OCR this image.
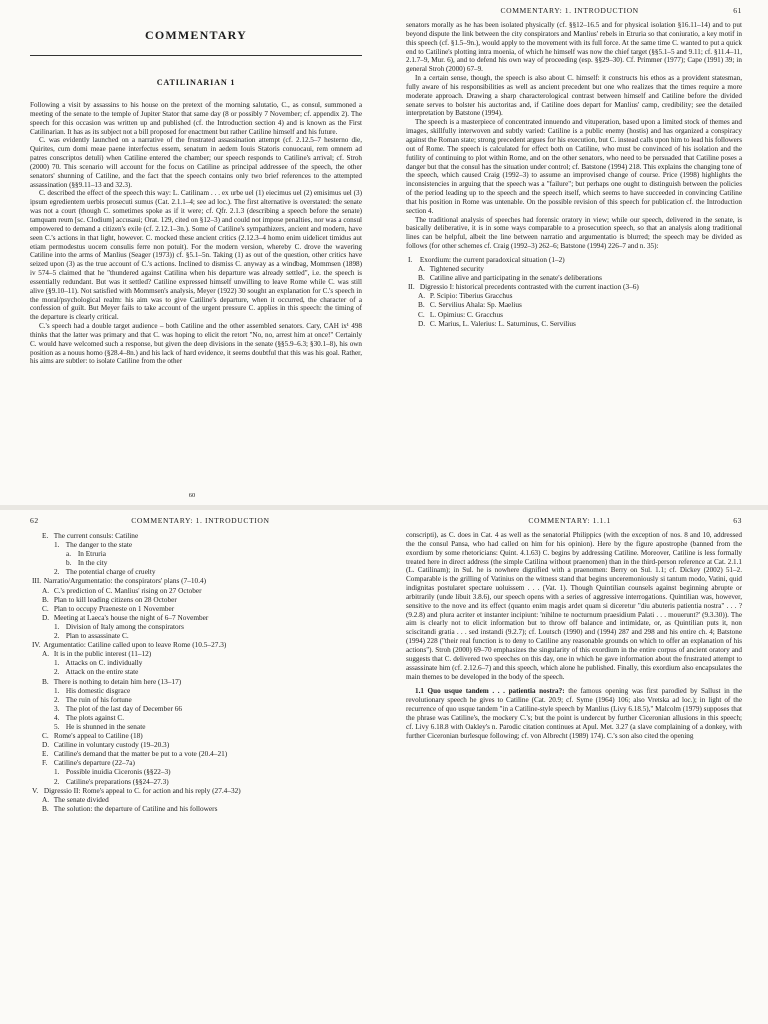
COMMENTARY
CATILINARIAN 1

Following a visit by assassins to his house on the pretext of the morning salutatio, C., as consul, summoned a meeting of the senate to the temple of Jupiter Stator that same day (8 or possibly 7 November; cf. appendix 2). The speech for this occasion was written up and published (cf. the Introduction section 4) and is known as the First Catilinarian. It has as its subject not a bill proposed for enactment but rather Catiline himself and his future.

C. was evidently launched on a narrative of the frustrated assassination attempt (cf. 2.12.5–7 hesterno die, Quirites, cum domi meae paene interfectus essem, senatum in aedem Iouis Statoris conuocaui, rem omnem ad patres conscriptos detuli) when Catiline entered the chamber; our speech responds to Catiline's arrival; cf. Stroh (2000) 70. This scenario will account for the focus on Catiline as principal addressee of the speech, the other senators' shunning of Catiline, and the fact that the speech contains only two brief references to the attempted assassination (§§9.11–13 and 32.3).

C. described the effect of the speech this way: L. Catilinam . . . ex urbe uel (1) eiecimus uel (2) emisimus uel (3) ipsum egredientem uerbis prosecuti sumus (Cat. 2.1.1–4; see ad loc.). The first alternative is overstated: the senate was not a court (though C. sometimes spoke as if it were; cf. Qfr. 2.1.3 (describing a speech before the senate) tamquam reum [sc. Clodium] accusaui; Orat. 129, cited on §12–3) and could not impose penalties, nor was a consul empowered to demand a citizen's exile (cf. 2.12.1–3n.). Some of Catiline's sympathizers, ancient and modern, have seen C.'s actions in that light, however. C. mocked these ancient critics (2.12.3–4 homo enim uidelicet timidus aut etiam permodestus uocem consulis ferre non potuit). For the modern version, whereby C. drove the wavering Catiline into the arms of Manlius (Seager (1973)) cf. §5.1–5n. Taking (1) as out of the question, other critics have seized upon (3) as the true account of C.'s actions. Inclined to dismiss C. anyway as a windbag, Mommsen (1898) iv 574–5 claimed that he "thundered against Catilina when his departure was already settled", i.e. the speech is essentially redundant. But was it settled? Catiline expressed himself unwilling to leave Rome while C. was still alive (§9.10–11). Not satisfied with Mommsen's analysis, Meyer (1922) 30 sought an explanation for C.'s speech in the moral/psychological realm: his aim was to give Catiline's departure, when it occurred, the character of a confession of guilt. But Meyer fails to take account of the urgent pressure C. applies in this speech: the timing of the departure is clearly critical.

C.'s speech had a double target audience – both Catiline and the other assembled senators. Cary, CAH ix¹ 498 thinks that the latter was primary and that C. was hoping to elicit the retort "No, no, arrest him at once!" Certainly C. would have welcomed such a response, but given the deep divisions in the senate (§§5.9–6.3; §30.1–8), his own position as a nouus homo (§28.4–8n.) and his lack of hard evidence, it seems doubtful that this was his goal. Rather, his aims are subtler: to isolate Catiline from the other

60
COMMENTARY: 1. INTRODUCTION	61

senators morally as he has been isolated physically (cf. §§12–16.5 and for physical isolation §16.11–14) and to put beyond dispute the link between the city conspirators and Manlius' rebels in Etruria so that coniuratio, a key motif in this speech (cf. §1.5–9n.), would apply to the movement with its full force. At the same time C. wanted to put a quick end to Catiline's plotting intra moenia, of which he himself was now the chief target (§§5.1–5 and 9.11; cf. §11.4–11, 2.1.7–9, Mur. 6), and to defend his own way of proceeding (esp. §§29–30). Cf. Primmer (1977); Cape (1991) 39; in general Stroh (2000) 67–9.

In a certain sense, though, the speech is also about C. himself: it constructs his ethos as a provident statesman, fully aware of his responsibilities as well as ancient precedent but one who realizes that the times require a more moderate approach. Drawing a sharp characterological contrast between himself and Catiline before the divided senate serves to bolster his auctoritas and, if Catiline does depart for Manlius' camp, credibility; see the detailed interpretation by Batstone (1994).

The speech is a masterpiece of concentrated innuendo and vituperation, based upon a limited stock of themes and images, skillfully interwoven and subtly varied: Catiline is a public enemy (hostis) and has organized a conspiracy against the Roman state; strong precedent argues for his execution, but C. instead calls upon him to lead his followers out of Rome. The speech is calculated for effect both on Catiline, who must be convinced of his isolation and the futility of continuing to plot within Rome, and on the other senators, who need to be persuaded that Catiline poses a danger but that the consul has the situation under control; cf. Batstone (1994) 218. This explains the changing tone of the speech, which caused Craig (1992–3) to assume an improvised change of course. Price (1998) highlights the inconsistencies in arguing that the speech was a "failure"; but perhaps one ought to distinguish between the policies of the period leading up to the speech and the speech itself, which seems to have succeeded in convincing Catiline that his position in Rome was untenable. On the possible revision of this speech for publication cf. the Introduction section 4.

The traditional analysis of speeches had forensic oratory in view; while our speech, delivered in the senate, is basically deliberative, it is in some ways comparable to a prosecution speech, so that an analysis along traditional lines can be helpful, albeit the line between narratio and argumentatio is blurred; the speech may be divided as follows (for other schemes cf. Craig (1992–3) 262–6; Batstone (1994) 226–7 and n. 35):

I. Exordium: the current paradoxical situation (1–2)
A. Tightened security
B. Catiline alive and participating in the senate's deliberations
II. Digressio I: historical precedents contrasted with the current inaction (3–6)
A. P. Scipio: Tiberius Gracchus
B. C. Servilius Ahala: Sp. Maelius
C. L. Opimius: C. Gracchus
D. C. Marius, L. Valerius: L. Saturninus, C. Servilius
62	COMMENTARY: 1. INTRODUCTION
E. The current consuls: Catiline
1. The danger to the state
a. In Etruria
b. In the city
2. The potential charge of cruelty
III. Narratio/Argumentatio: the conspirators' plans (7–10.4)
A. C.'s prediction of C. Manlius' rising on 27 October
B. Plan to kill leading citizens on 28 October
C. Plan to occupy Praeneste on 1 November
D. Meeting at Laeca's house the night of 6–7 November
1. Division of Italy among the conspirators
2. Plan to assassinate C.
IV. Argumentatio: Catiline called upon to leave Rome (10.5–27.3)
A. It is in the public interest (11–12)
1. Attacks on C. individually
2. Attack on the entire state
B. There is nothing to detain him here (13–17)
1. His domestic disgrace
2. The ruin of his fortune
3. The plot of the last day of December 66
4. The plots against C.
5. He is shunned in the senate
C. Rome's appeal to Catiline (18)
D. Catiline in voluntary custody (19–20.3)
E. Catiline's demand that the matter be put to a vote (20.4–21)
F. Catiline's departure (22–7a)
1. Possible inuidia Ciceronis (§§22–3)
2. Catiline's preparations (§§24–27.3)
V. Digressio II: Rome's appeal to C. for action and his reply (27.4–32)
A. The senate divided
B. The solution: the departure of Catiline and his followers
COMMENTARY: 1.1.1	63

conscripti), as C. does in Cat. 4 as well as the senatorial Philippics (with the exception of nos. 8 and 10, addressed the the consul Pansa, who had called on him for his opinion). Here by the figure apostrophe (banned from the exordium by some rhetoricians: Quint. 4.1.63) C. begins by addressing Catiline. Moreover, Catiline is less formally treated here in direct address (the simple Catilina without praenomen) than in the third-person reference at Cat. 2.1.1 (L. Catilinam); in Sul. he is nowhere dignified with a praenomen: Berry on Sul. 1.1; cf. Dickey (2002) 51–2. Comparable is the grilling of Vatinius on the witness stand that begins unceremoniously si tantum modo, Vatini, quid indignitas postularet spectare uoluissem . . . (Vat. 1). Though Quintilian counsels against beginning abrupte or arbitrarily (unde libuit 3.8.6), our speech opens with a series of aggressive interrogations. Quintilian was, however, sensitive to the nove and its effect (quanto enim magis ardet quam si diceretur "diu abuteris patientia nostra" . . . ? (9.2.8) and plura acriter et instanter incipiunt: 'nihilne te nocturnum praesidium Palati . . . mouerunt?' (9.3.30)). The aim is clearly not to elicit information but to throw off balance and intimidate, or, as Quintilian puts it, non sciscitandi gratia . . . sed instandi (9.2.7); cf. Loutsch (1990) and (1994) 287 and 298 and his entire ch. 4; Batstone (1994) 228 ("their real function is to deny to Catiline any reasonable grounds on which to offer an explanation of his actions"). Stroh (2000) 69–70 emphasizes the singularity of this exordium in the entire corpus of ancient oratory and suggests that C. delivered two speeches on this day, one in which he gave information about the frustrated attempt to assassinate him (cf. 2.12.6–7) and this speech, which alone he published. Finally, this exordium also encapsulates the main themes to be developed in the body of the speech.

1.1 Quo usque tandem . . . patientia nostra?: the famous opening was first parodied by Sallust in the revolutionary speech he gives to Catiline (Cat. 20.9; cf. Syme (1964) 106; also Vretska ad loc.); in light of the recurrence of quo usque tandem "in a Catiline-style speech by Manlius (Livy 6.18.5)," Malcolm (1979) supposes that the phrase was Catiline's, the mockery C.'s; but the point is undercut by further Ciceronian allusions in this speech; cf. Livy 6.18.8 with Oakley's n. Parodic citation continues at Apul. Met. 3.27 (a slave complaining of a donkey, with further Ciceronian burlesque following; cf. von Albrecht (1989) 174). C.'s son also cited the opening
